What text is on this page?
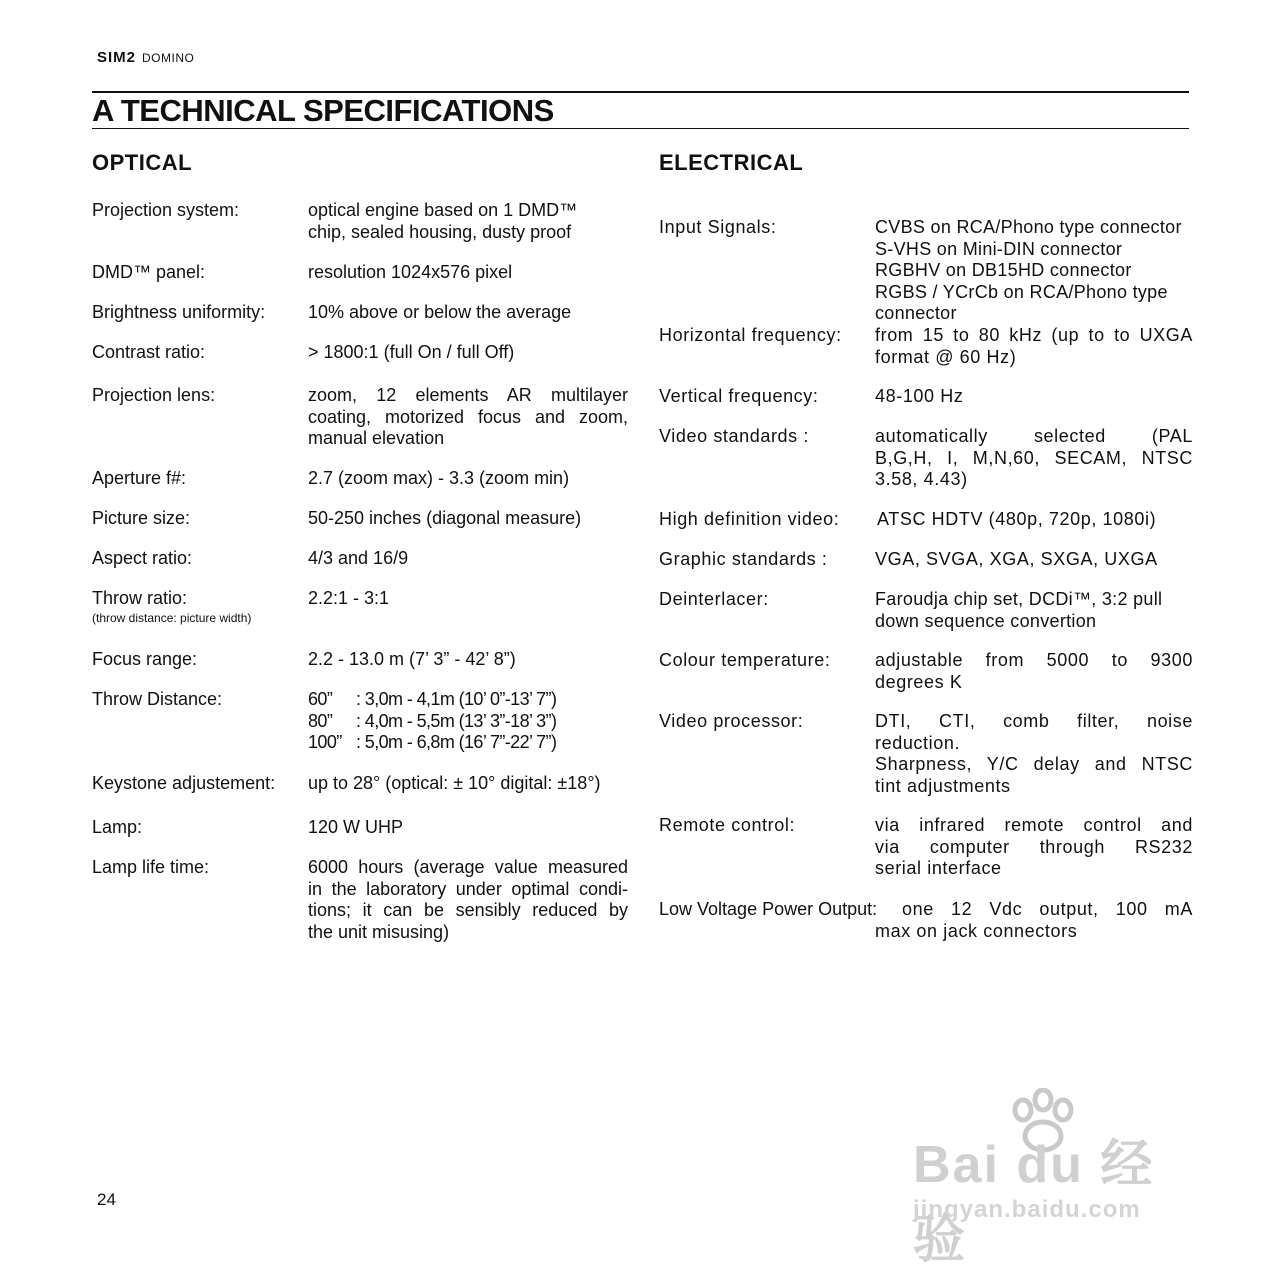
SIM2 DOMINO
A TECHNICAL SPECIFICATIONS
OPTICAL
Projection system:	optical engine based on 1 DMD™
chip, sealed housing, dusty proof
DMD™ panel:	resolution 1024x576 pixel
Brightness uniformity: 10% above or below the average
Contrast ratio:	> 1800:1 (full On / full Off)
Projection lens:	zoom, 12 elements AR multilayer
coating, motorized focus and zoom,
manual elevation
Aperture f#:	2.7 (zoom max) - 3.3 (zoom min)
Picture size:	50-250 inches (diagonal measure)
Aspect ratio:	4/3 and 16/9
Throw ratio:
(throw distance: picture width)
2.2:1 - 3:1
Focus range:	2.2 - 13.0 m (7’ 3” - 42’ 8”)
Throw Distance:	60”	: 3,0m - 4,1m (10’ 0”-13’ 7”)
80”	: 4,0m - 5,5m (13’ 3”-18’ 3”)
100” : 5,0m - 6,8m (16’ 7”-22’ 7”)
Keystone adjustement: up to 28° (optical: ± 10° digital: ±18°)
Lamp:	120 W UHP
Lamp life time:	6000 hours (average value measured
in the laboratory under optimal condi-
tions; it can be sensibly reduced by
the unit misusing)
ELECTRICAL
Input Signals:	CVBS on RCA/Phono type connector
S-VHS on Mini-DIN connector
RGBHV on DB15HD connector
RGBS / YCrCb on RCA/Phono type
connector
Horizontal frequency: from 15 to 80 kHz (up to to UXGA
format @ 60 Hz)
Vertical frequency:	48-100 Hz
Video standards :	automatically selected (PAL
B,G,H, I, M,N,60, SECAM, NTSC
3.58, 4.43)
High definition video: ATSC HDTV (480p, 720p, 1080i)
Graphic standards :	VGA, SVGA, XGA, SXGA, UXGA
Deinterlacer:	Faroudja chip set, DCDi™, 3:2 pull
down sequence convertion
Colour temperature: adjustable from 5000 to 9300
degrees K
Video processor:	DTI, CTI, comb filter, noise
reduction.
Sharpness, Y/C delay and NTSC
tint adjustments
Remote control:	via infrared remote control and
via computer through RS232
serial interface
Low Voltage Power Output: one 12 Vdc output, 100 mA
max on jack connectors
24
Bai du 经验
jingyan.baidu.com
